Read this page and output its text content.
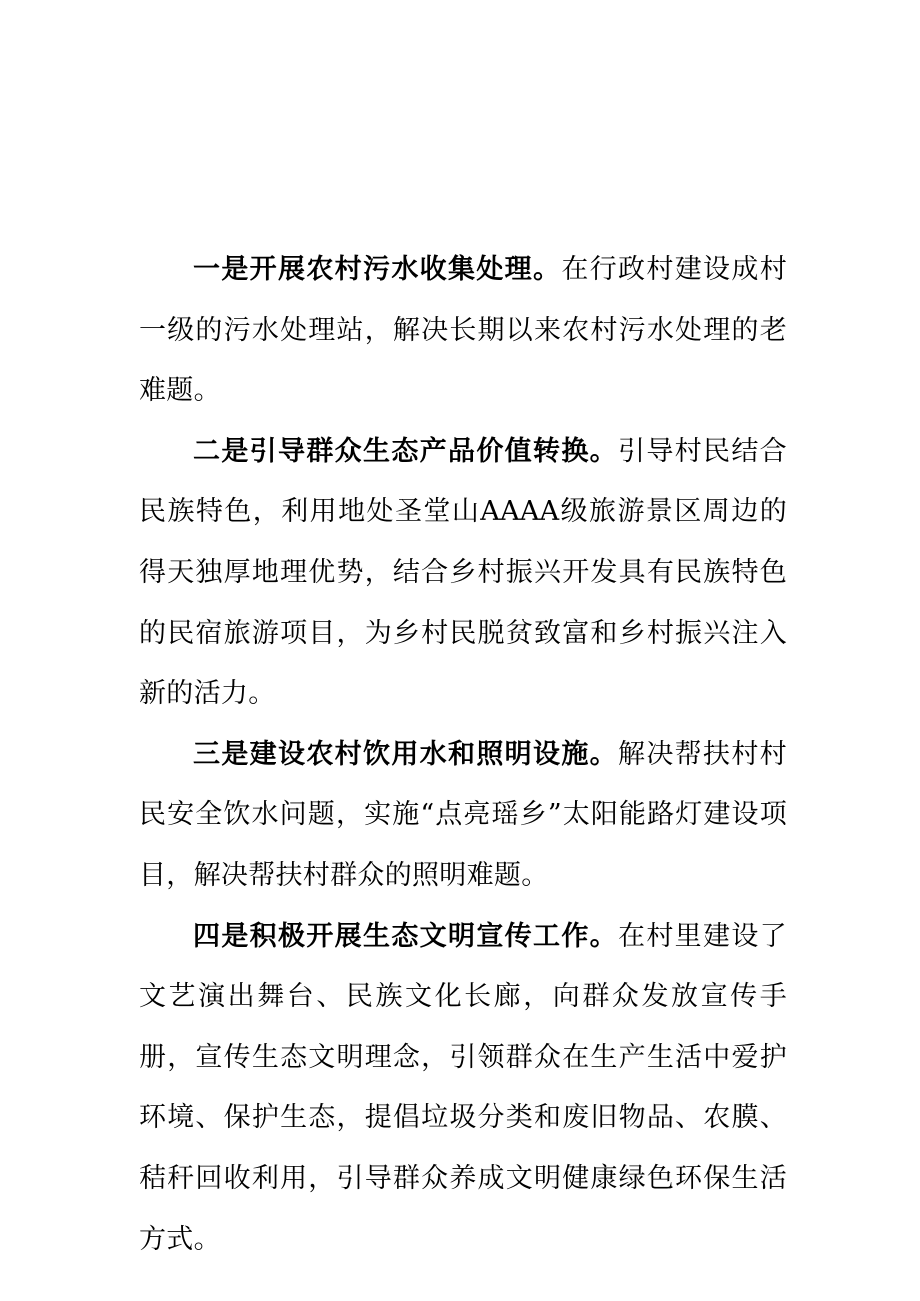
一是开展农村污水收集处理。在行政村建设成村一级的污水处理站，解决长期以来农村污水处理的老难题。

二是引导群众生态产品价值转换。引导村民结合民族特色，利用地处圣堂山AAAA级旅游景区周边的得天独厚地理优势，结合乡村振兴开发具有民族特色的民宿旅游项目，为乡村民脱贫致富和乡村振兴注入新的活力。

三是建设农村饮用水和照明设施。解决帮扶村村民安全饮水问题，实施“点亮瑶乡”太阳能路灯建设项目，解决帮扶村群众的照明难题。

四是积极开展生态文明宣传工作。在村里建设了文艺演出舞台、民族文化长廊，向群众发放宣传手册，宣传生态文明理念，引领群众在生产生活中爱护环境、保护生态，提倡垃圾分类和废旧物品、农膜、秸秆回收利用，引导群众养成文明健康绿色环保生活方式。
